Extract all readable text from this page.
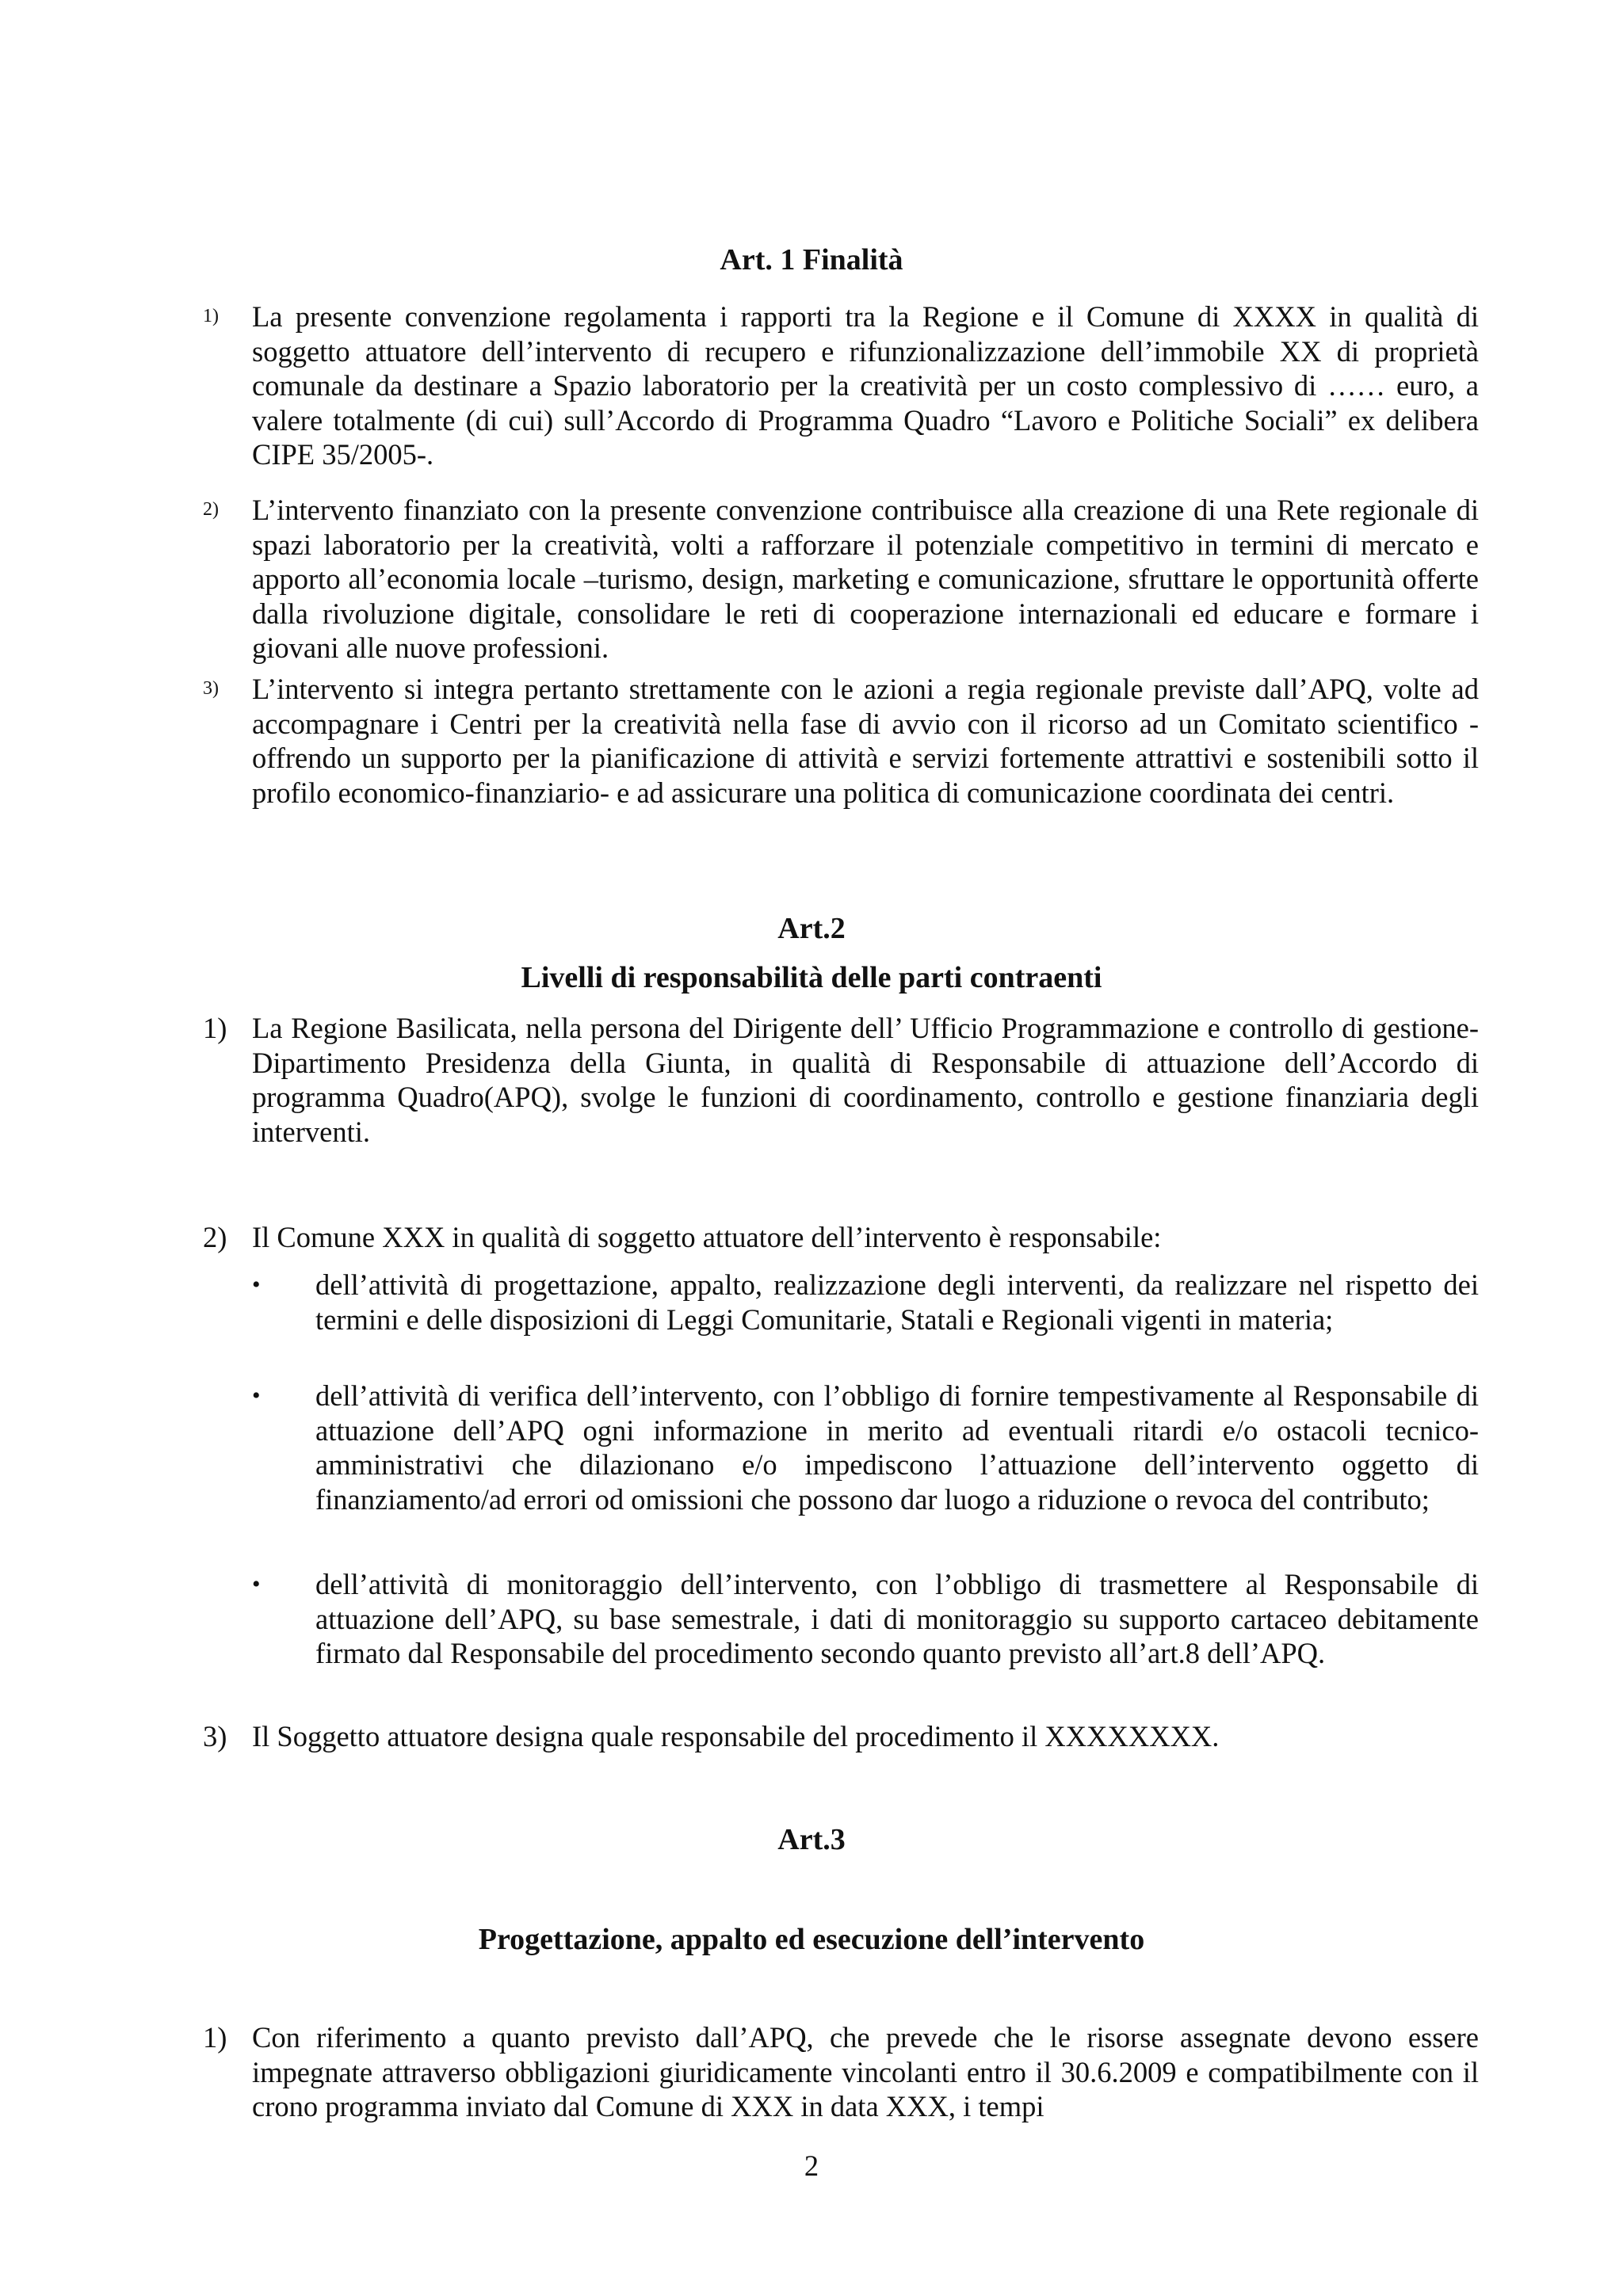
Art. 1 Finalità
1) La presente convenzione regolamenta i rapporti tra la Regione e il Comune di XXXX in qualità di soggetto attuatore dell’intervento di recupero e rifunzionalizzazione dell’immobile XX di proprietà comunale da destinare a Spazio laboratorio per la creatività per un costo complessivo di …… euro, a valere totalmente (di cui) sull’Accordo di Programma Quadro “Lavoro e Politiche Sociali” ex delibera CIPE 35/2005-.
2) L’intervento finanziato con la presente convenzione contribuisce alla creazione di una Rete regionale di spazi laboratorio per la creatività, volti a rafforzare il potenziale competitivo in termini di mercato e apporto all’economia locale –turismo, design, marketing e comunicazione, sfruttare le opportunità offerte dalla rivoluzione digitale, consolidare le reti di cooperazione internazionali ed educare e formare i giovani alle nuove professioni.
3) L’intervento si integra pertanto strettamente con le azioni a regia regionale previste dall’APQ, volte ad accompagnare i Centri per la creatività nella fase di avvio con il ricorso ad un Comitato scientifico -offrendo un supporto per la pianificazione di attività e servizi fortemente attrattivi e sostenibili sotto il profilo economico-finanziario- e ad assicurare una politica di comunicazione coordinata dei centri.
Art.2
Livelli di responsabilità delle parti contraenti
1) La Regione Basilicata, nella persona del Dirigente dell’ Ufficio Programmazione e controllo di gestione- Dipartimento Presidenza della Giunta, in qualità di Responsabile di attuazione dell’Accordo di programma Quadro(APQ), svolge le funzioni di coordinamento, controllo e gestione finanziaria degli interventi.
2) Il Comune XXX in qualità di soggetto attuatore dell’intervento è responsabile:
• dell’attività di progettazione, appalto, realizzazione degli interventi, da realizzare nel rispetto dei termini e delle disposizioni di Leggi Comunitarie, Statali e Regionali vigenti in materia;
• dell’attività di verifica dell’intervento, con l’obbligo di fornire tempestivamente al Responsabile di attuazione dell’APQ ogni informazione in merito ad eventuali ritardi e/o ostacoli tecnico-amministrativi che dilazionano e/o impediscono l’attuazione dell’intervento oggetto di finanziamento/ad errori od omissioni che possono dar luogo a riduzione o revoca del contributo;
• dell’attività di monitoraggio dell’intervento, con l’obbligo di trasmettere al Responsabile di attuazione dell’APQ, su base semestrale, i dati di monitoraggio su supporto cartaceo debitamente firmato dal Responsabile del procedimento secondo quanto previsto all’art.8 dell’APQ.
3) Il Soggetto attuatore designa quale responsabile del procedimento il XXXXXXXX.
Art.3
Progettazione, appalto ed esecuzione dell’intervento
1) Con riferimento a quanto previsto dall’APQ, che prevede che le risorse assegnate devono essere impegnate attraverso obbligazioni giuridicamente vincolanti entro il 30.6.2009 e compatibilmente con il crono programma inviato dal Comune di XXX in data XXX, i tempi
2
